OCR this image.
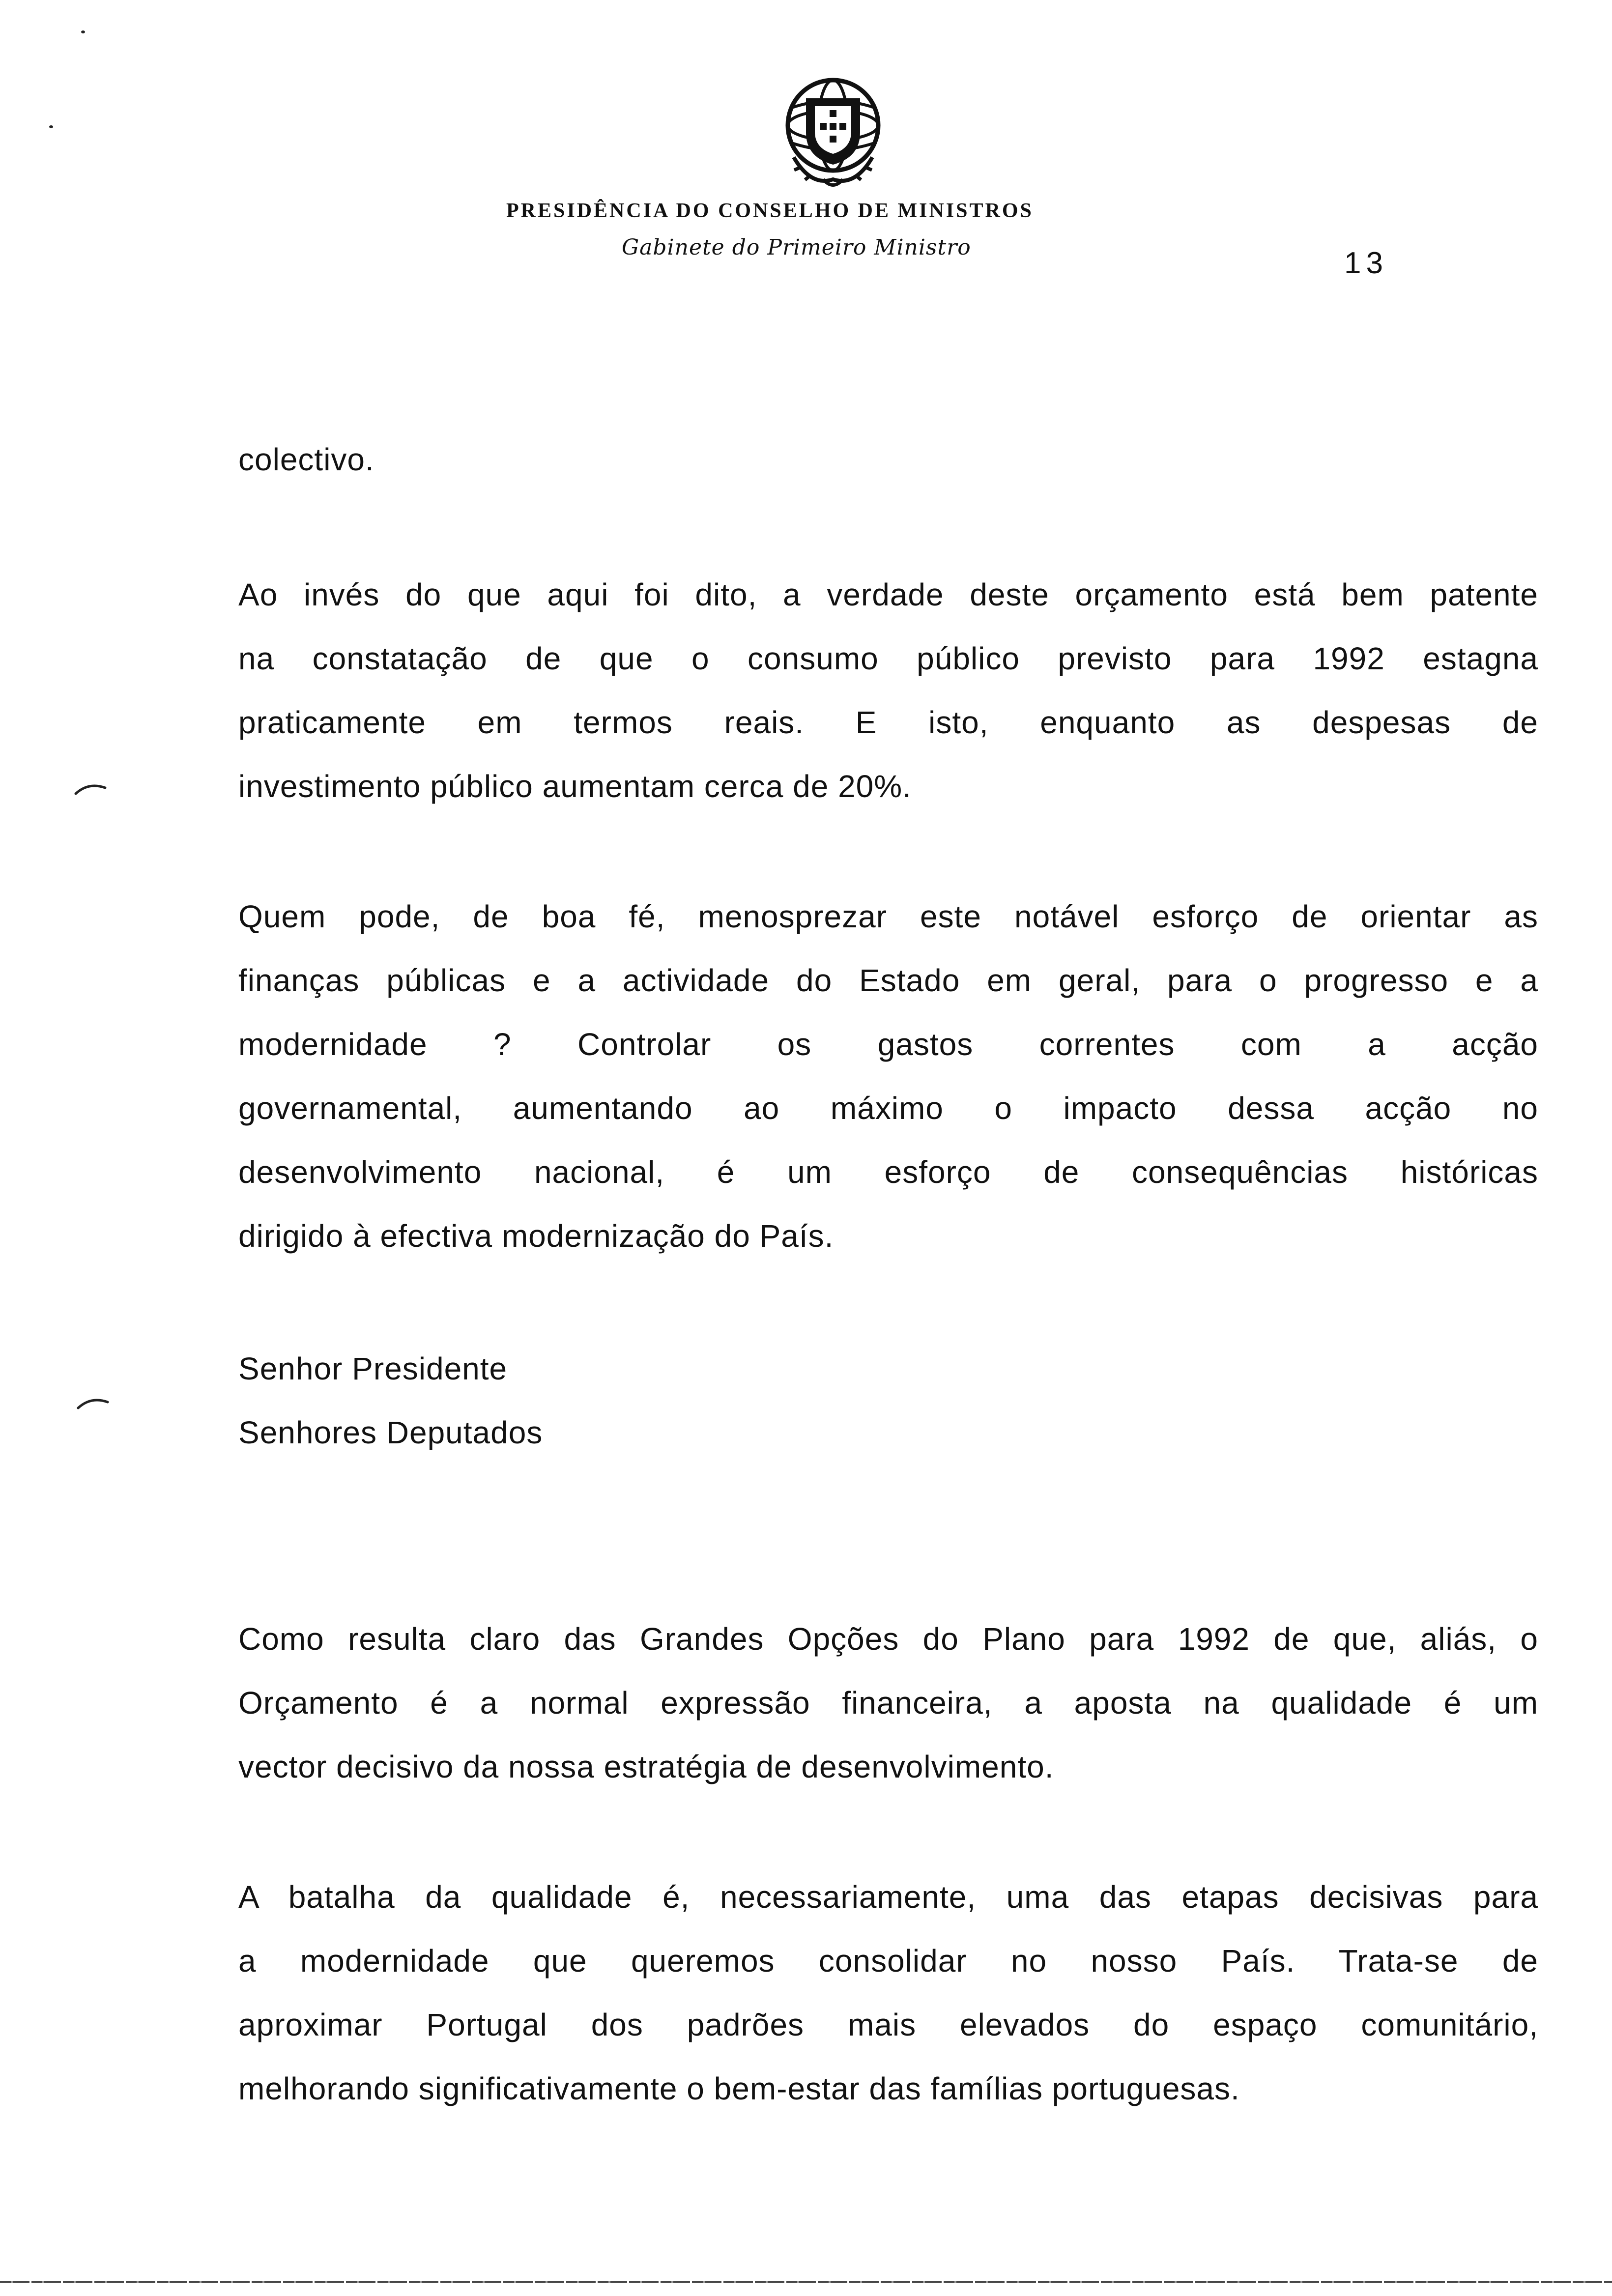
PRESIDÊNCIA DO CONSELHO DE MINISTROS
Gabinete do Primeiro Ministro	13
colectivo.
Ao invés do que aqui foi dito, a verdade deste orçamento está bem patente
na constatação de que o consumo público previsto para 1992 estagna
praticamente em termos reais. E isto, enquanto as despesas de
investimento público aumentam cerca de 20%.
Quem pode, de boa fé, menosprezar este notável esforço de orientar as
finanças públicas e a actividade do Estado em geral, para o progresso e a
modernidade ? Controlar os gastos correntes com a acção
governamental, aumentando ao máximo o impacto dessa acção no
desenvolvimento nacional, é um esforço de consequências históricas
dirigido à efectiva modernização do País.
Senhor Presidente
Senhores Deputados
Como resulta claro das Grandes Opções do Plano para 1992 de que, aliás, o
Orçamento é a normal expressão financeira, a aposta na qualidade é um
vector decisivo da nossa estratégia de desenvolvimento.
A batalha da qualidade é, necessariamente, uma das etapas decisivas para
a modernidade que queremos consolidar no nosso País. Trata-se de
aproximar Portugal dos padrões mais elevados do espaço comunitário,
melhorando significativamente o bem-estar das famílias portuguesas.
